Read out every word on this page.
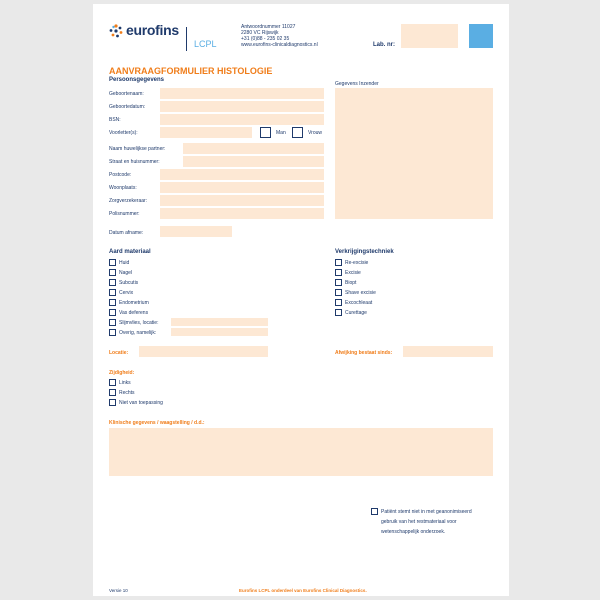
eurofins
LCPL
Antwoordnummer 11027
2280 VC Rijswijk
+31 (0)88 - 235 02 35
www.eurofins-clinicaldiagnostics.nl	Lab. nr:
AANVRAAGFORMULIER HISTOLOGIE
Persoonsgegevens
Geboortenaam:
Geboortedatum:
BSN:
Voorletter(s):	Man	Vrouw
Naam huwelijkse partner:
Straat en huisnummer:
Postcode:
Woonplaats:
Zorgverzekeraar:
Polisnummer:
Gegevens Inzender
Datum afname:
Aard materiaal
Huid
Nagel
Subcutis
Cervix
Endometrium
Vas deferens
Slijmvlies, locatie:
Overig, namelijk:
Verkrijgingstechniek
Re-excisie
Excisie
Biopt
Shave excisie
Excochleaat
Curettage
Locatie:	Afwijking bestaat sinds:
Zijdigheid:
Links
Rechts
Niet van toepassing
Klinische gegevens / waagstelling / d.d.:
Patiënt stemt niet in met geanonimiseerd
gebruik van het restmateriaal voor
wetenschappelijk onderzoek.
Versie 10	Eurofins LCPL onderdeel van Eurofins Clinical Diagnostics.
